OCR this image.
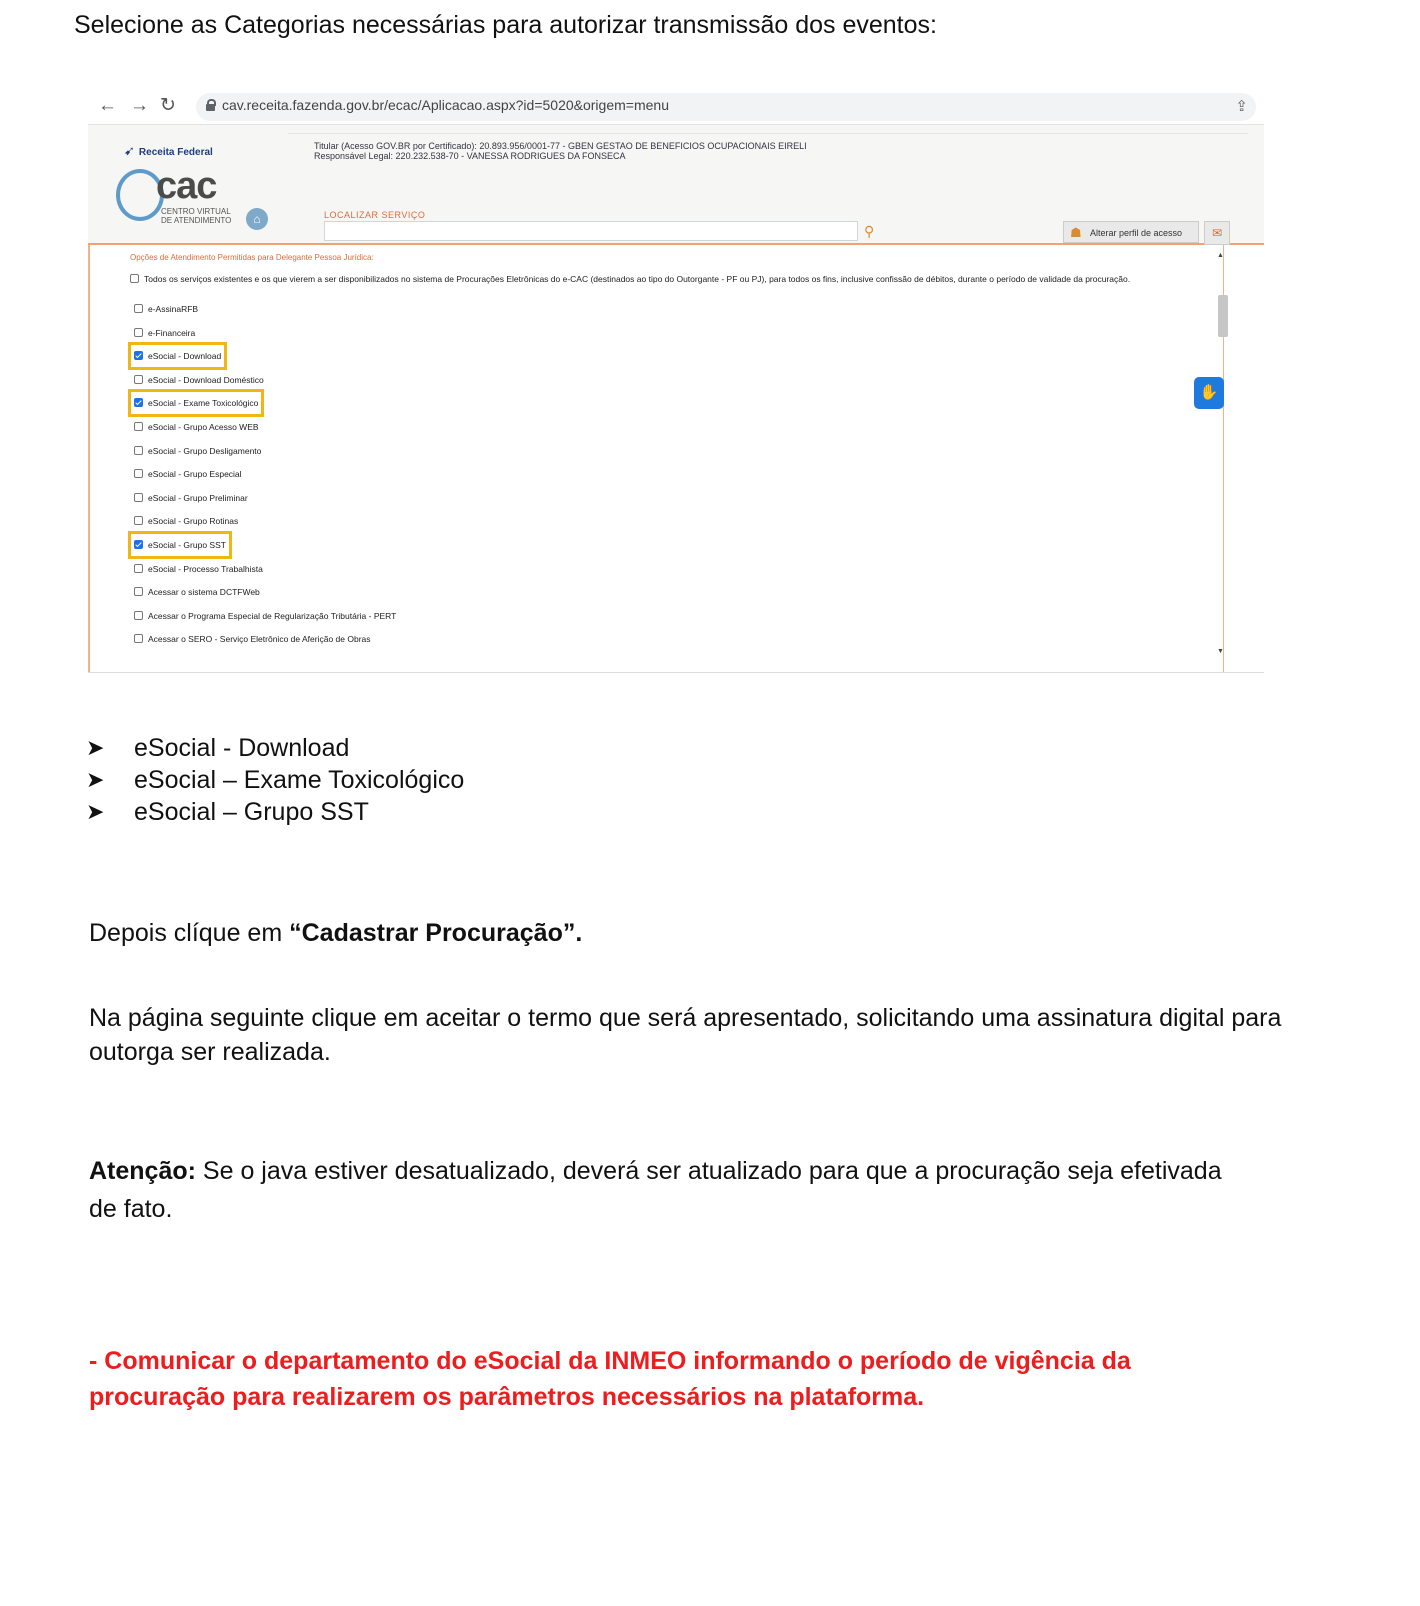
Selecione as Categorias necessárias para autorizar transmissão dos eventos:
← → ↻	cav.receita.fazenda.gov.br/ecac/Aplicacao.aspx?id=5020&origem=menu	⇪
➹ Receita Federal
Titular (Acesso GOV.BR por Certificado): 20.893.956/0001-77 - GBEN GESTAO DE BENEFICIOS OCUPACIONAIS EIRELI
Responsável Legal: 220.232.538-70 - VANESSA RODRIGUES DA FONSECA
cac
CENTRO VIRTUAL
DE ATENDIMENTO	⌂	LOCALIZAR SERVIÇO
⚲	☗ Alterar perfil de acesso	✉
Opções de Atendimento Permitidas para Delegante Pessoa Jurídica:
Todos os serviços existentes e os que vierem a ser disponibilizados no sistema de Procurações Eletrônicas do e-CAC (destinados ao tipo do Outorgante - PF ou PJ), para todos os fins, inclusive confissão de débitos, durante o período de validade da procuração.
e-AssinaRFB
e-Financeira
eSocial - Download
eSocial - Download Doméstico
eSocial - Exame Toxicológico
eSocial - Grupo Acesso WEB
eSocial - Grupo Desligamento
eSocial - Grupo Especial
eSocial - Grupo Preliminar
eSocial - Grupo Rotinas
eSocial - Grupo SST
eSocial - Processo Trabalhista
Acessar o sistema DCTFWeb
Acessar o Programa Especial de Regularização Tributária - PERT
Acessar o SERO - Serviço Eletrônico de Aferição de Obras
▲
▼
✋
➤ eSocial - Download
➤ eSocial – Exame Toxicológico
➤ eSocial – Grupo SST
Depois clíque em “Cadastrar Procuração”.
Na página seguinte clique em aceitar o termo que será apresentado, solicitando uma assinatura digital para outorga ser realizada.
Atenção: Se o java estiver desatualizado, deverá ser atualizado para que a procuração seja efetivada de fato.
- Comunicar o departamento do eSocial da INMEO informando o período de vigência da procuração para realizarem os parâmetros necessários na plataforma.
